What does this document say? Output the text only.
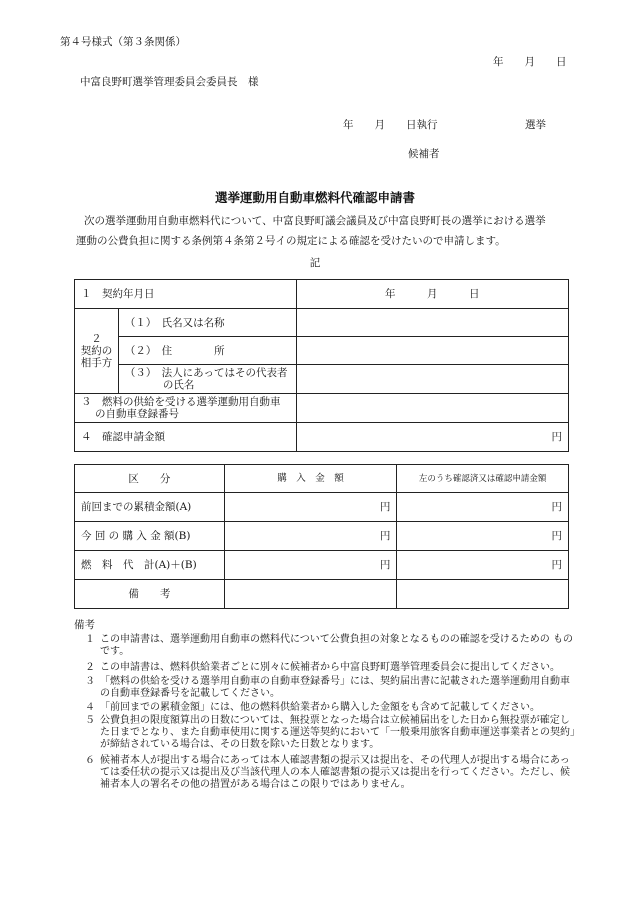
第４号様式（第３条関係）
年　　月　　日
中富良野町選挙管理委員会委員長　様
年　　月　　日執行	選挙
候補者
選挙運動用自動車燃料代確認申請書
次の選挙運動用自動車燃料代について、中富良野町議会議員及び中富良野町長の選挙における選挙
運動の公費負担に関する条例第４条第２号イの規定による確認を受けたいので申請します。
記
１　契約年月日		年　　　月　　　日

２
契約の
相手方	（１）　氏名又は名称	
	（２）　住　　　　所	

	（３）　法人にあってはその代表者
の氏名	

３　燃料の供給を受ける選挙運動用自動車
の自動車登録番号		

４　確認申請金額		円
区　　分	購　入　金　額	左のうち確認済又は確認申請金額
前回までの累積金額(A)	円	円
今 回 の 購 入 金 額(B)	円	円
燃　料　代　計(A)＋(B)	円	円
備　　考		
備考
１ この申請書は、選挙運動用自動車の燃料代について公費負担の対象となるものの確認を受けるための ものです。
２ この申請書は、燃料供給業者ごとに別々に候補者から中富良野町選挙管理委員会に提出してください。
３ 「燃料の供給を受ける選挙用自動車の自動車登録番号」には、契約届出書に記載された選挙運動用自動車の自動車登録番号を記載してください。
４ 「前回までの累積金額」には、他の燃料供給業者から購入した金額をも含めて記載してください。
５ 公費負担の限度額算出の日数については、無投票となった場合は立候補届出をした日から無投票が確定した日までとなり、また自動車使用に関する運送等契約において「一般乗用旅客自動車運送事業者との契約」が締結されている場合は、その日数を除いた日数となります。
６ 候補者本人が提出する場合にあっては本人確認書類の提示又は提出を、その代理人が提出する場合にあっては委任状の提示又は提出及び当該代理人の本人確認書類の提示又は提出を行ってください。ただし、候補者本人の署名その他の措置がある場合はこの限りではありません。
